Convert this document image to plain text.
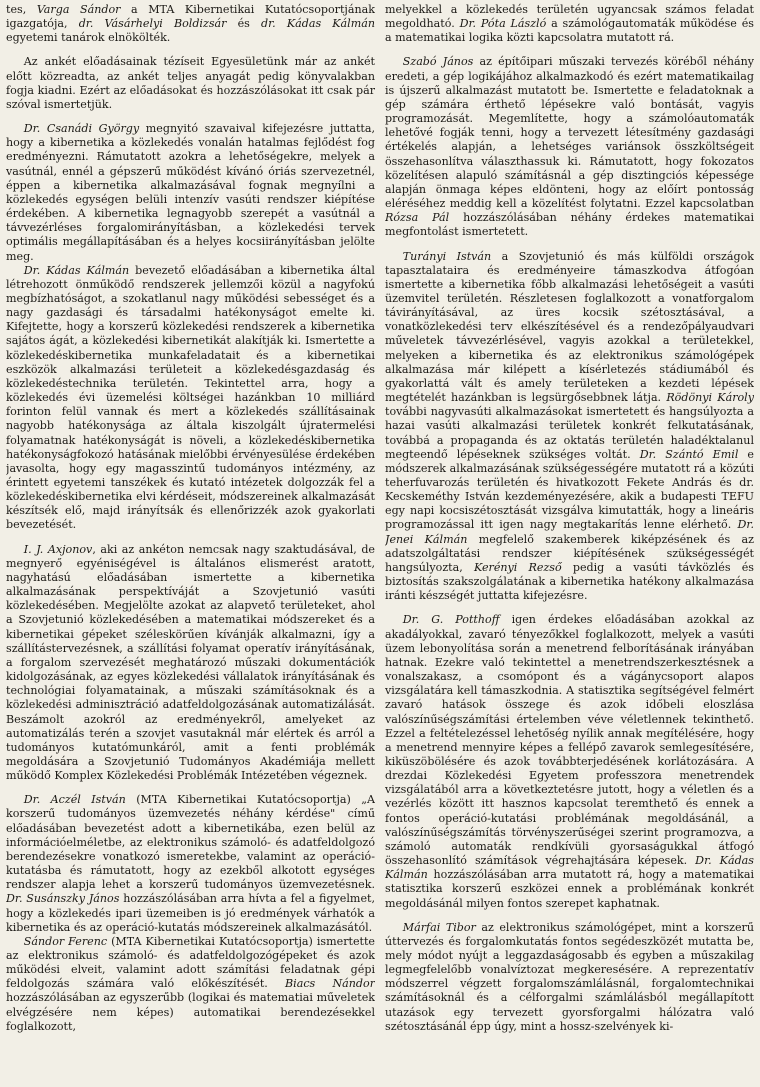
tes, Varga Sándor a MTA Kibernetikai Kutatócsoportjának igazgatója, dr. Vásárhelyi Boldizsár és dr. Kádas Kálmán egyetemi tanárok elnökölték.

Az ankét előadásainak tézíseit Egyesületünk már az ankét előtt közreadta, az ankét teljes anyagát pedig könyvalakban fogja kiadni. Ezért az előadásokat és hozzászólásokat itt csak pár szóval ismertetjük.

Dr. Csanádi György megnyitó szavaival kifejezésre juttatta, hogy a kibernetika a közlekedés vonalán hatalmas fejlődést fog eredményezni. Rámutatott azokra a lehetőségekre, melyek a vasútnál, ennél a gépszerű működést kívánó óriás szervezetnél, éppen a kibernetika alkalmazásával fognak megnyílni a közlekedés egységen belüli intenzív vasúti rendszer kiépítése érdekében. A kibernetika legnagyobb szerepét a vasútnál a távvezérléses forgalomirányításban, a közlekedési tervek optimális megállapításában és a helyes kocsiirányításban jelölte meg.

Dr. Kádas Kálmán bevezető előadásában a kibernetika által létrehozott önműködő rendszerek jellemzői közül a nagyfokú megbízhatóságot, a szokatlanul nagy működési sebességet és a nagy gazdasági és társadalmi hatékonyságot emelte ki. Kifejtette, hogy a korszerű közlekedési rendszerek a kibernetika sajátos ágát, a közlekedési kibernetikát alakítják ki. Ismertette a közlekedéskibernetika munkafeladatait és a kibernetikai eszközök alkalmazási területeit a közlekedésgazdaság és közlekedéstechnika területén. Tekintettel arra, hogy a közlekedés évi üzemelési költségei hazánkban 10 milliárd forinton felül vannak és mert a közlekedés szállításainak nagyobb hatékonysága az általa kiszolgált újratermelési folyamatnak hatékonyságát is növeli, a közlekedéskibernetika hatékonyságfokozó hatásának mielőbbi érvényesülése érdekében javasolta, hogy egy magasszintű tudományos intézmény, az érintett egyetemi tanszékek és kutató intézetek dolgozzák fel a közlekedéskibernetika elvi kérdéseit, módszereinek alkalmazását készítsék elő, majd irányítsák és ellenőrizzék azok gyakorlati bevezetését.

I. J. Axjonov, aki az ankéton nemcsak nagy szaktudásával, de megnyerő egyéniségével is általános elismerést aratott, nagyhatású előadásában ismertette a kibernetika alkalmazásának perspektíváját a Szovjetunió vasúti közlekedésében. Megjelölte azokat az alapvető területeket, ahol a Szovjetunió közlekedésében a matematikai módszereket és a kibernetikai gépeket széleskörűen kívánják alkalmazni, így a szállítástervezésnek, a szállítási folyamat operatív irányításának, a forgalom szervezését meghatározó műszaki dokumentációk kidolgozásának, az egyes közlekedési vállalatok irányításának és technológiai folyamatainak, a műszaki számításoknak és a közlekedési adminisztráció adatfeldolgozásának automatizálását. Beszámolt azokról az eredményekről, amelyeket az automatizálás terén a szovjet vasutaknál már elértek és arról a tudományos kutatómunkáról, amit a fenti problémák megoldására a Szovjetunió Tudományos Akadémiája mellett működő Komplex Közlekedési Problémák Intézetében végeznek.

Dr. Aczél István (MTA Kibernetikai Kutatócsoportja) „A korszerű tudományos üzemvezetés néhány kérdése" című előadásában bevezetést adott a kibernetikába, ezen belül az információelméletbe, az elektronikus számoló- és adatfeldolgozó berendezésekre vonatkozó ismeretekbe, valamint az operáció-kutatásba és rámutatott, hogy az ezekből alkotott egységes rendszer alapja lehet a korszerű tudományos üzemvezetésnek. Dr. Susánszky János hozzászólásában arra hívta a fel a figyelmet, hogy a közlekedés ipari üzemeiben is jó eredmények várhatók a kibernetika és az operáció-kutatás módszereinek alkalmazásától.

Sándor Ferenc (MTA Kibernetikai Kutatócsoportja) ismertette az elektronikus számoló- és adatfeldolgozógépeket és azok működési elveit, valamint adott számítási feladatnak gépi feldolgozás számára való előkészítését. Biacs Nándor hozzászólásában az egyszerűbb (logikai és matematiai műveletek elvégzésére nem képes) automatikai berendezésekkel foglalkozott,

melyekkel a közlekedés területén ugyancsak számos feladat megoldható. Dr. Póta László a számológautomaták működése és a matematikai logika közti kapcsolatra mutatott rá.

Szabó János az építőipari műszaki tervezés köréből néhány eredeti, a gép logikájához alkalmazkodó és ezért matematikailag is újszerű alkalmazást mutatott be. Ismertette e feladatoknak a gép számára érthető lépésekre való bontását, vagyis programozását. Megemlítette, hogy a számolóautomaták lehetővé fogják tenni, hogy a tervezett létesítmény gazdasági értékelés alapján, a lehetséges variánsok összköltségeit összehasonlítva választhassuk ki. Rámutatott, hogy fokozatos közelítésen alapuló számításnál a gép disztingciós képessége alapján önmaga képes eldönteni, hogy az előírt pontosság eléréséhez meddig kell a közelítést folytatni. Ezzel kapcsolatban Rózsa Pál hozzászólásában néhány érdekes matematikai megfontolást ismertetett.

Turányi István a Szovjetunió és más külföldi országok tapasztalataira és eredményeire támaszkodva átfogóan ismertette a kibernetika főbb alkalmazási lehetőségeit a vasúti üzemvitel területén. Részletesen foglalkozott a vonatforgalom távirányításával, az üres kocsik szétosztásával, a vonatközlekedési terv elkészítésével és a rendezőpályaudvari műveletek távvezérlésével, vagyis azokkal a területekkel, melyeken a kibernetika és az elektronikus számológépek alkalmazása már kilépett a kísérletezés stádiumából és gyakorlattá vált és amely területeken a kezdeti lépések megtételét hazánkban is legsürgősebbnek látja. Rödönyi Károly további nagyvasúti alkalmazásokat ismertetett és hangsúlyozta a hazai vasúti alkalmazási területek konkrét felkutatásának, továbbá a propaganda és az oktatás területén haladéktalanul megteendő lépéseknek szükséges voltát. Dr. Szántó Emil e módszerek alkalmazásának szükségességére mutatott rá a közúti teherfuvarozás területén és hivatkozott Fekete András és dr. Kecskeméthy István kezdeményezésére, akik a budapesti TEFU egy napi kocsiszétosztását vizsgálva kimutatták, hogy a lineáris programozással itt igen nagy megtakarítás lenne elérhető. Dr. Jenei Kálmán megfelelő szakemberek kiképzésének és az adatszolgáltatási rendszer kiépítésének szükségességét hangsúlyozta, Kerényi Rezső pedig a vasúti távközlés és biztosítás szakszolgálatának a kibernetika hatékony alkalmazása iránti készségét juttatta kifejezésre.

Dr. G. Potthoff igen érdekes előadásában azokkal az akadályokkal, zavaró tényezőkkel foglalkozott, melyek a vasúti üzem lebonyolítása során a menetrend felborításának irányában hatnak. Ezekre való tekintettel a menetrendszerkesztésnek a vonalszakasz, a csomópont és a vágánycsoport alapos vizsgálatára kell támaszkodnia. A statisztika segítségével felmért zavaró hatások összege és azok időbeli eloszlása valószínűségszámítási értelemben véve véletlennek tekinthető. Ezzel a feltételezéssel lehetőség nyílik annak megítélésére, hogy a menetrend mennyire képes a fellépő zavarok semlegesítésére, kiküszöbölésére és azok továbbterjedésének korlátozására. A drezdai Közlekedési Egyetem professzora menetrendek vizsgálatából arra a következtetésre jutott, hogy a véletlen és a vezérlés között itt hasznos kapcsolat teremthető és ennek a fontos operáció-kutatási problémának megoldásánál, a valószínűségszámítás törvényszerűségei szerint programozva, a számoló automaták rendkívüli gyorsaságukkal átfogó összehasonlító számítások végrehajtására képesek. Dr. Kádas Kálmán hozzászólásában arra mutatott rá, hogy a matematikai statisztika korszerű eszközei ennek a problémának konkrét megoldásánál milyen fontos szerepet kaphatnak.

Márfai Tibor az elektronikus számológépet, mint a korszerű úttervezés és forgalomkutatás fontos segédeszközét mutatta be, mely módot nyújt a leggazdaságosabb és egyben a műszakilag legmegfelelőbb vonalvíztozat megkeresésére. A reprezentatív módszerrel végzett forgalomszámlálásnál, forgalomtechnikai számításoknál és a célforgalmi számlálásból megállapított utazások egy tervezett gyorsforgalmi hálózatra való szétosztásánál épp úgy, mint a hossz-szelvények ki-
